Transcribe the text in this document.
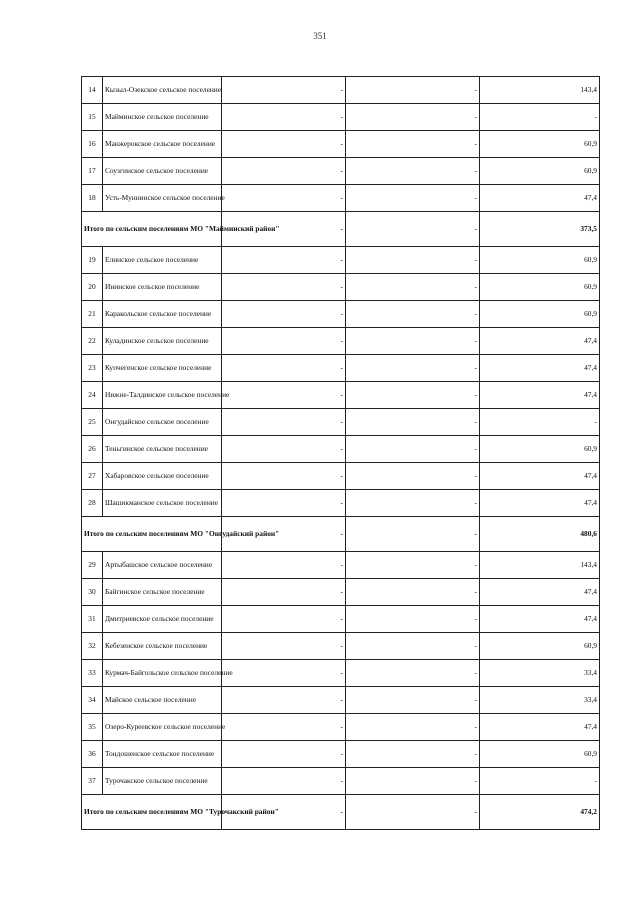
351
14	Кызыл-Озекское сельское поселение	-	-	143,4
15	Майминское сельское поселение	-	-	-
16	Манжерокское сельское поселение	-	-	60,9
17	Соузгинское сельское поселение	-	-	60,9
18	Усть-Муннинское сельское поселение	-	-	47,4
Итого по сельским поселениям МО "Майминский район"		-	-	373,5
19	Елинское сельское поселение	-	-	60,9
20	Ининское сельское поселение	-	-	60,9
21	Каракольское сельское поселение	-	-	60,9
22	Куладинское сельское поселение	-	-	47,4
23	Купчегенское сельское поселение	-	-	47,4
24	Нижне-Талдинское сельское поселение	-	-	47,4
25	Онгудайское сельское поселение	-	-	-
26	Теньгинское сельское поселение	-	-	60,9
27	Хабаровское сельское поселение	-	-	47,4
28	Шашикманское сельское поселение	-	-	47,4
Итого по сельским поселениям МО "Онгудайский район"		-	-	480,6
29	Артыбашское сельское поселение	-	-	143,4
30	Байгинское сельское поселение	-	-	47,4
31	Дмитриевское сельское поселение	-	-	47,4
32	Кебезенское сельское поселение	-	-	60,9
33	Курмач-Байгольское сельское поселение	-	-	33,4
34	Майское сельское поселение	-	-	33,4
35	Озеро-Куреевское сельское поселение	-	-	47,4
36	Тондошенское сельское поселение	-	-	60,9
37	Турочакское сельское поселение	-	-	-
Итого по сельским поселениям МО "Турочакский район"		-	-	474,2
